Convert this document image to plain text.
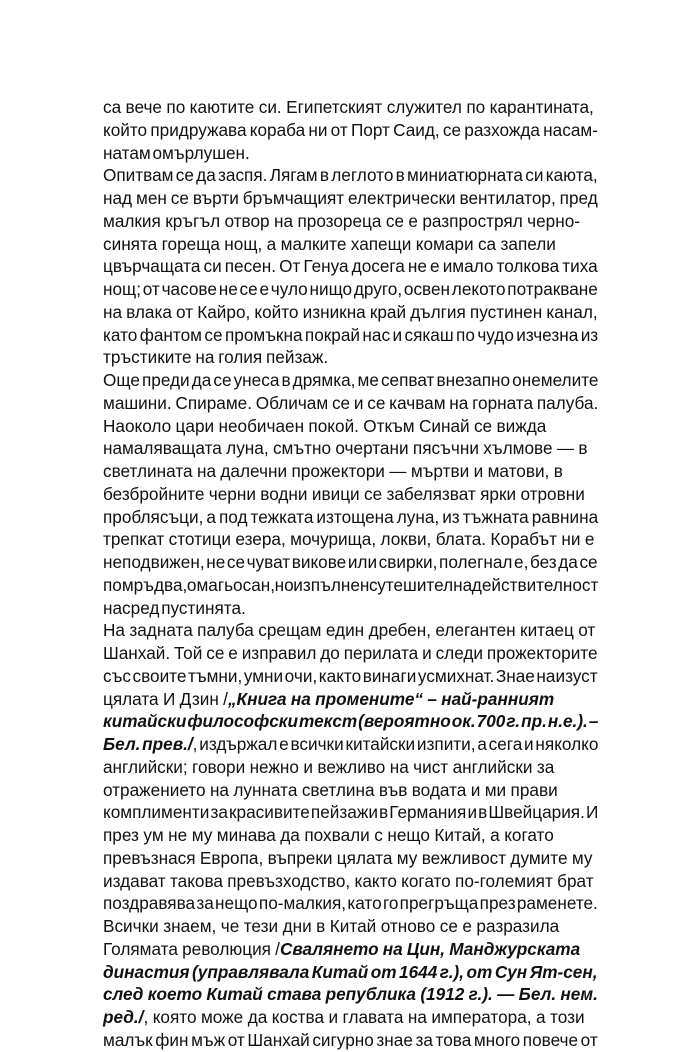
са вече по каютите си. Египетският служител по карантината,
който придружава кораба ни от Порт Саид, се разхожда насам-
натам омърлушен.
Опитвам се да заспя. Лягам в леглото в миниатюрната си каюта,
над мен се върти бръмчащият електрически вентилатор, пред
малкия кръгъл отвор на прозореца се е разпрострял черно-
синята гореща нощ, а малките хапещи комари са запели
цвърчащата си песен. От Генуа досега не е имало толкова тиха
нощ; от часове не се е чуло нищо друго, освен лекото потракване
на влака от Кайро, който изникна край дългия пустинен канал,
като фантом се промъкна покрай нас и сякаш по чудо изчезна из
тръстиките на голия пейзаж.
Още преди да се унеса в дрямка, ме сепват внезапно онемелите
машини. Спираме. Обличам се и се качвам на горната палуба.
Наоколо цари необичаен покой. Откъм Синай се виждa
намаляващата луна, смътно очертани пясъчни хълмове — в
светлината на далечни прожектори — мъртви и матови, в
безбройните черни водни ивици се забелязват ярки отровни
проблясъци, а под тежката изтощена луна, из тъжната равнина
трепкат стотици езера, мочурища, локви, блата. Корабът ни е
неподвижен, не се чуват викове или свирки, полегнал е, без да се
помръдва, омагьосан, но изпълнен с утешителна действителност
насред пустинята.
На задната палуба срещам един дребен, елегантен китаец от
Шанхай. Той се е изправил до перилата и следи прожекторите
със своите тъмни, умни очи, както винаги усмихнат. Знае наизуст
цялата И Дзин /„Книга на промените“ – най-ранният
китайски философски текст (вероятно ок. 700 г. пр. н.е.). –
Бел. прев./, издържал е всички китайски изпити, а сега и няколко
английски; говори нежно и вежливо на чист английски за
отражението на лунната светлина във водата и ми прави
комплименти за красивите пейзажи в Германия и в Швейцария. И
през ум не му минава да похвали с нещо Китай, а когато
превъзнася Европа, въпреки цялата му вежливост думите му
издават такова превъзходство, както когато по-големият брат
поздравява за нещо по-малкия, като го прегръща през раменете.
Всички знаем, че тези дни в Китай отново се е разразила
Голямата революция /Свалянето на Цин, Манджурската
династия (управлявала Китай от 1644 г.), от Сун Ят-сен,
след което Китай става република (1912 г.). — Бел. нем.
ред./, която може да коства и главата на императора, а този
малък фин мъж от Шанхай сигурно знае за това много повече от
